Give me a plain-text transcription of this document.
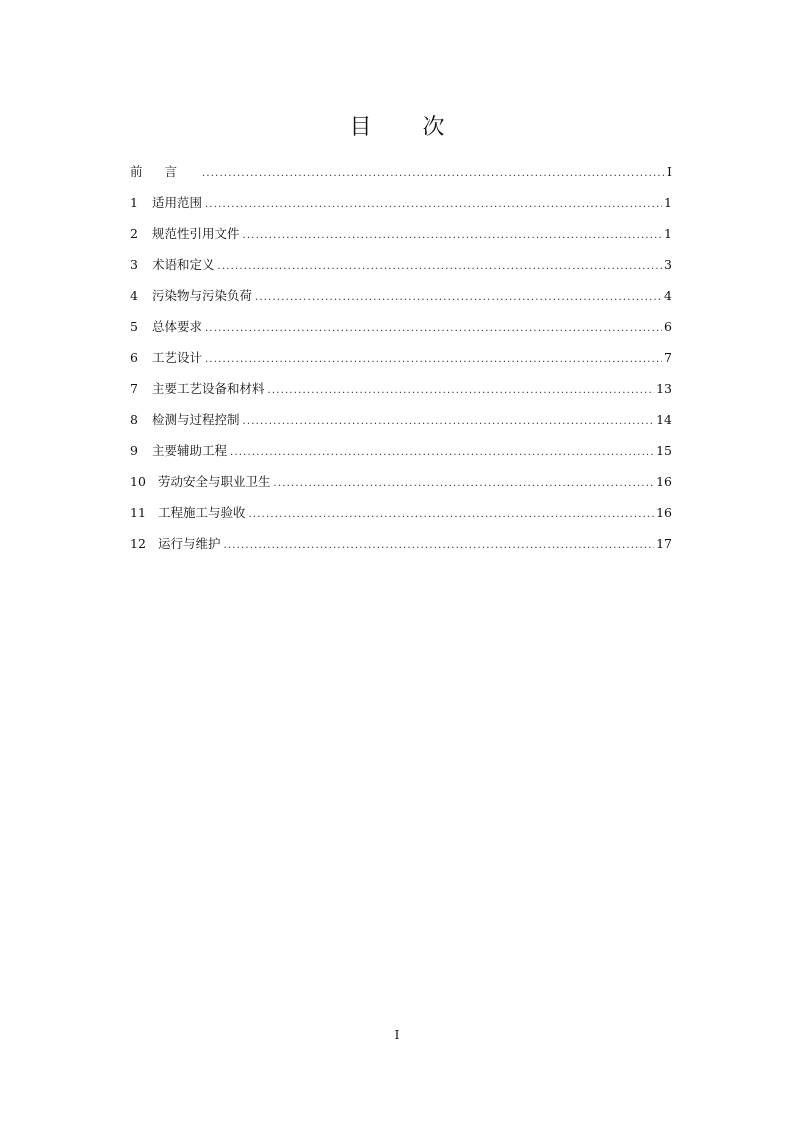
目 次
前言 .....	I
1	适用范围 .....	1
2	规范性引用文件 .....	1
3	术语和定义 .....	3
4	污染物与污染负荷 .....	4
5	总体要求 .....	6
6	工艺设计 .....	7
7	主要工艺设备和材料 .....	13
8	检测与过程控制 .....	14
9	主要辅助工程 .....	15
10 劳动安全与职业卫生 .....	16
11 工程施工与验收 .....	16
12 运行与维护 .....	17
I
